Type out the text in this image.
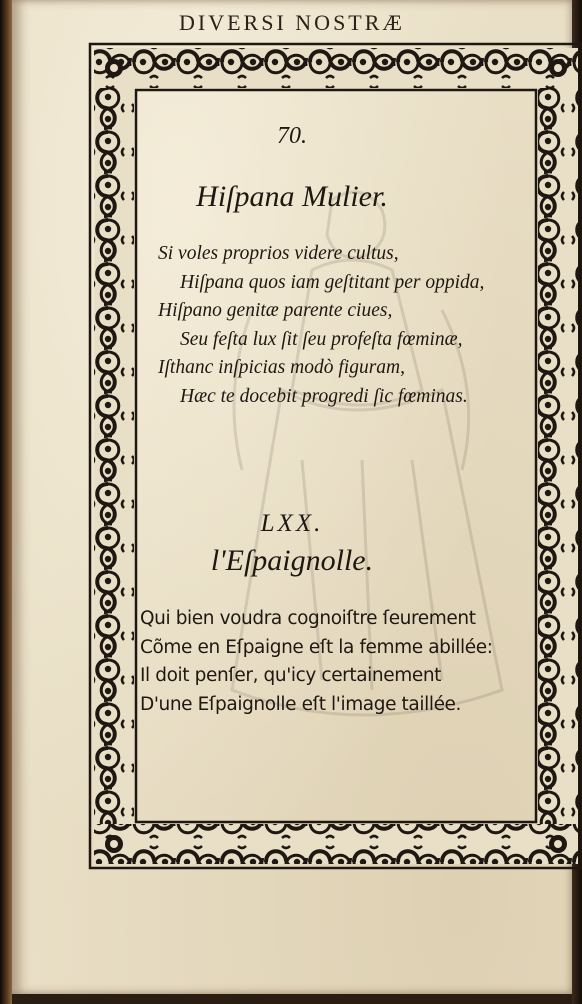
DIVERSI NOSTRÆ
70.
Hiſpana Mulier.
Si voles proprios videre cultus,
Hiſpana quos iam geſtitant per oppida,
Hiſpano genitæ parente ciues,
Seu feſta lux ſit ſeu profeſta fœminæ,
Iſthanc inſpicias modò figuram,
Hæc te docebit progredi ſic fœminas.
LXX.
l'Eſpaignolle.
Qui bien voudra cognoiſtre ſeurement
Cõme en Eſpaigne eſt la femme abillée:
Il doit penſer, qu'icy certainement
D'une Eſpaignolle eſt l'image taillée.
